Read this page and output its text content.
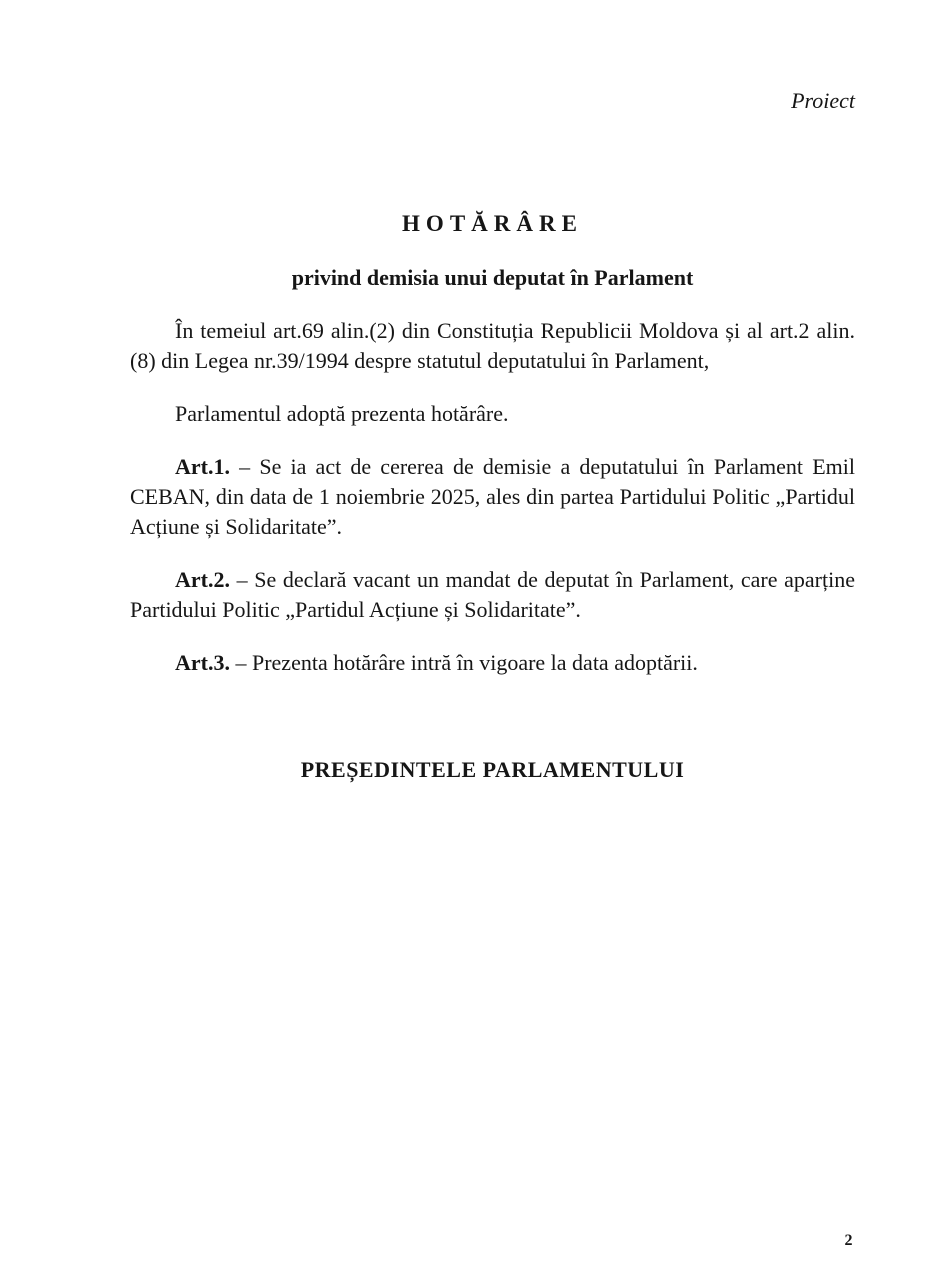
Proiect

HOTĂRÂRE
privind demisia unui deputat în Parlament

În temeiul art.69 alin.(2) din Constituția Republicii Moldova și al art.2 alin.(8) din Legea nr.39/1994 despre statutul deputatului în Parlament,

Parlamentul adoptă prezenta hotărâre.

Art.1. – Se ia act de cererea de demisie a deputatului în Parlament Emil CEBAN, din data de 1 noiembrie 2025, ales din partea Partidului Politic „Partidul Acțiune și Solidaritate”.

Art.2. – Se declară vacant un mandat de deputat în Parlament, care aparține Partidului Politic „Partidul Acțiune și Solidaritate”.

Art.3. – Prezenta hotărâre intră în vigoare la data adoptării.

PREȘEDINTELE PARLAMENTULUI

2
